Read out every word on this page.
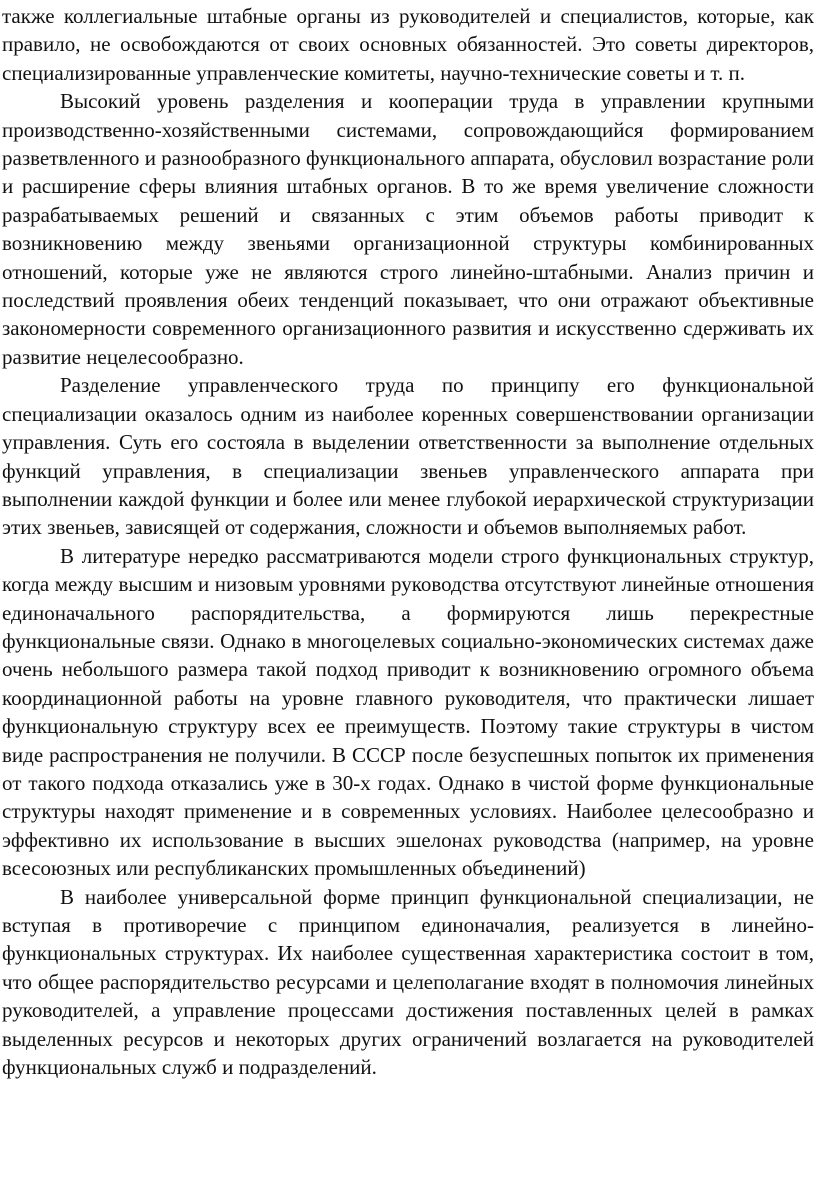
также коллегиальные штабные органы из руководителей и специалистов, которые, как правило, не освобождаются от своих основных обязанностей. Это советы директоров, специализированные управленческие комитеты, научно-технические советы и т. п.

Высокий уровень разделения и кооперации труда в управлении крупными производственно-хозяйственными системами, сопровождающийся формированием разветвленного и разнообразного функционального аппарата, обусловил возрастание роли и расширение сферы влияния штабных органов. В то же время увеличение сложности разрабатываемых решений и связанных с этим объемов работы приводит к возникновению между звеньями организационной структуры комбинированных отношений, которые уже не являются строго линейно-штабными. Анализ причин и последствий проявления обеих тенденций показывает, что они отражают объективные закономерности современного организационного развития и искусственно сдерживать их развитие нецелесообразно.

Разделение управленческого труда по принципу его функциональной специализации оказалось одним из наиболее коренных совершенствовании организации управления. Суть его состояла в выделении ответственности за выполнение отдельных функций управления, в специализации звеньев управленческого аппарата при выполнении каждой функции и более или менее глубокой иерархической структуризации этих звеньев, зависящей от содержания, сложности и объемов выполняемых работ.

В литературе нередко рассматриваются модели строго функциональных структур, когда между высшим и низовым уровнями руководства отсутствуют линейные отношения единоначального распорядительства, а формируются лишь перекрестные функциональные связи. Однако в многоцелевых социально-экономических системах даже очень небольшого размера такой подход приводит к возникновению огромного объема координационной работы на уровне главного руководителя, что практически лишает функциональную структуру всех ее преимуществ. Поэтому такие структуры в чистом виде распространения не получили. В СССР после безуспешных попыток их применения от такого подхода отказались уже в 30-х годах. Однако в чистой форме функциональные структуры находят применение и в современных условиях. Наиболее целесообразно и эффективно их использование в высших эшелонах руководства (например, на уровне всесоюзных или республиканских промышленных объединений)

В наиболее универсальной форме принцип функциональной специализации, не вступая в противоречие с принципом единоначалия, реализуется в линейно-функциональных структурах. Их наиболее существенная характеристика состоит в том, что общее распорядительство ресурсами и целеполагание входят в полномочия линейных руководителей, а управление процессами достижения поставленных целей в рамках выделенных ресурсов и некоторых других ограничений возлагается на руководителей функциональных служб и подразделений.
